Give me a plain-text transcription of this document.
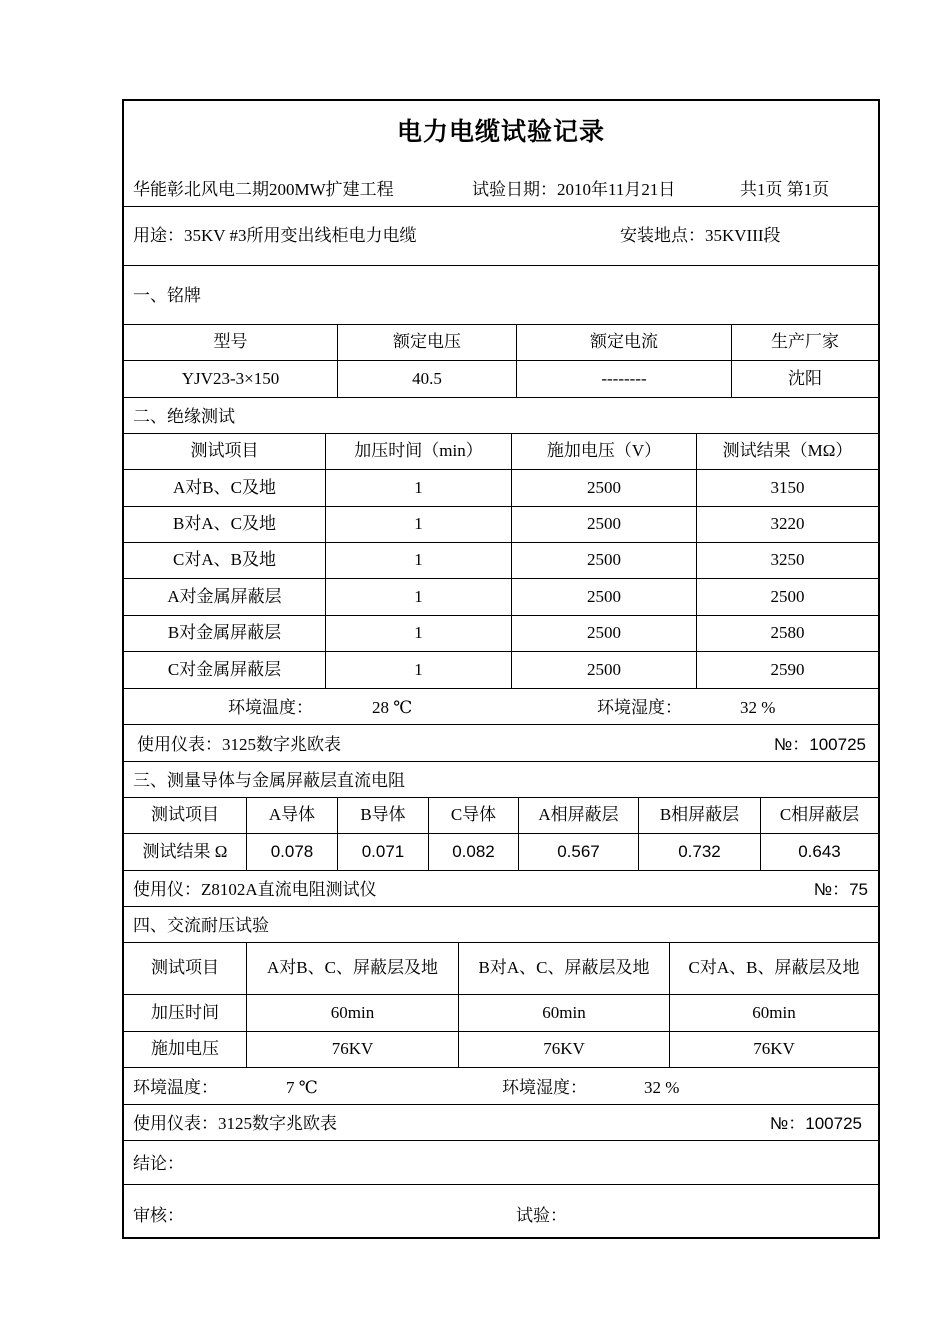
电力电缆试验记录
华能彰北风电二期200MW扩建工程	试验日期：2010年11月21日	共1页 第1页
用途：35KV #3所用变出线柜电力电缆	安装地点：35KVIII段
一、铭牌
型号	额定电压	额定电流	生产厂家
YJV23-3×150	40.5	--------	沈阳
二、绝缘测试
测试项目	加压时间（min）	施加电压（V）	测试结果（MΩ）
A对B、C及地	1	2500	3150
B对A、C及地	1	2500	3220
C对A、B及地	1	2500	3250
A对金属屏蔽层	1	2500	2500
B对金属屏蔽层	1	2500	2580
C对金属屏蔽层	1	2500	2590
环境温度：	28 ℃	环境湿度：	32 %
使用仪表：3125数字兆欧表	№：100725
三、测量导体与金属屏蔽层直流电阻
测试项目	A导体	B导体	C导体	A相屏蔽层	B相屏蔽层	C相屏蔽层
测试结果 Ω	0.078	0.071	0.082	0.567	0.732	0.643
使用仪：Z8102A直流电阻测试仪	№：75
四、交流耐压试验
测试项目	A对B、C、屏蔽层及地	B对A、C、屏蔽层及地	C对A、B、屏蔽层及地
加压时间	60min	60min	60min
施加电压	76KV	76KV	76KV
环境温度：	7 ℃	环境湿度：	32 %
使用仪表：3125数字兆欧表	№：100725
结论：
审核：	试验：
